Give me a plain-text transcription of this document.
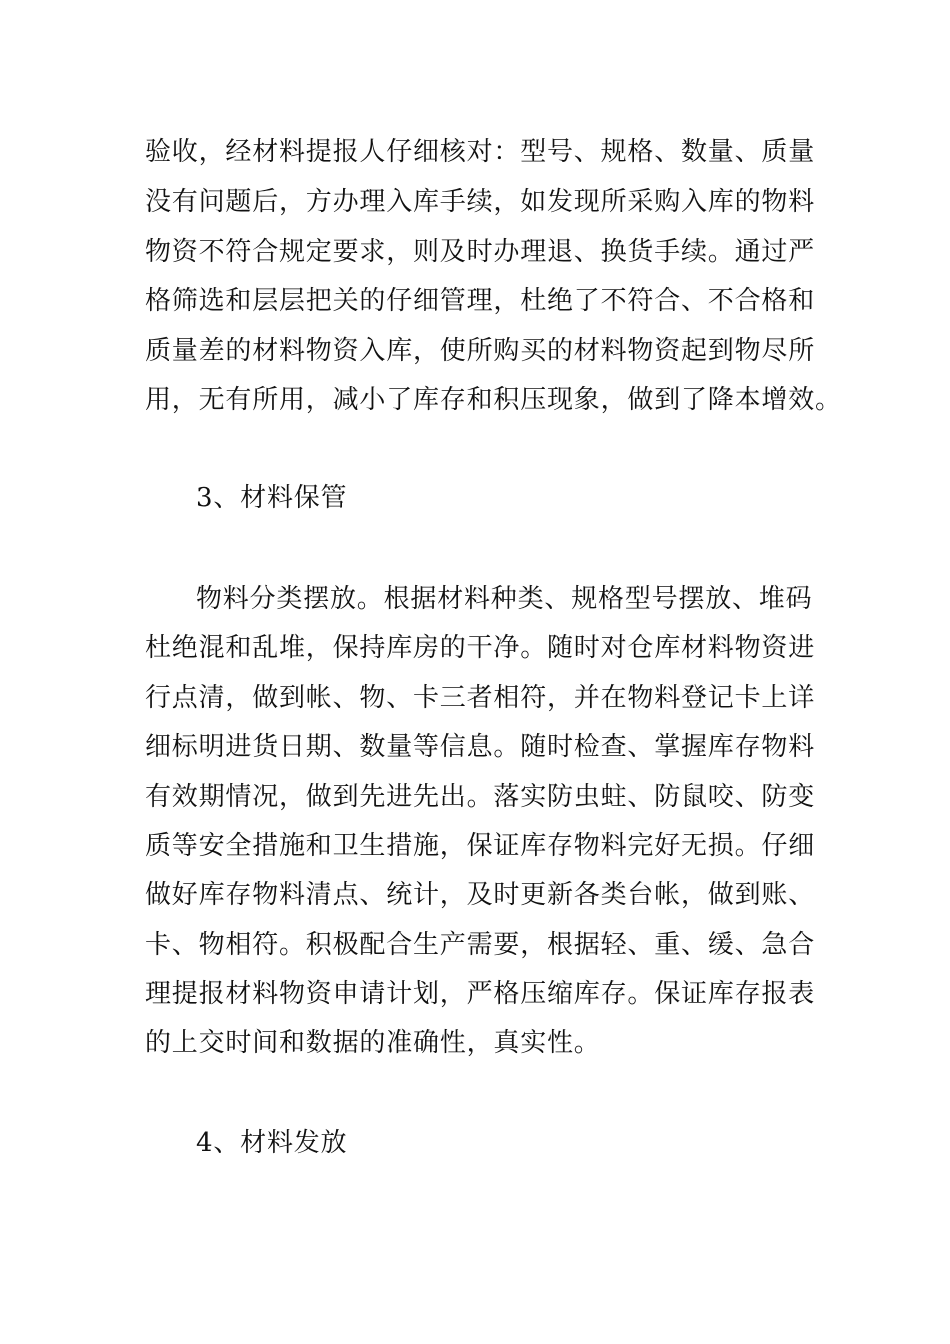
验收，经材料提报人仔细核对：型号、规格、数量、质量
没有问题后，方办理入库手续，如发现所采购入库的物料
物资不符合规定要求，则及时办理退、换货手续。通过严
格筛选和层层把关的仔细管理，杜绝了不符合、不合格和
质量差的材料物资入库，使所购买的材料物资起到物尽所
用，无有所用，减小了库存和积压现象，做到了降本增效。
3、材料保管
物料分类摆放。根据材料种类、规格型号摆放、堆码
杜绝混和乱堆，保持库房的干净。随时对仓库材料物资进
行点清，做到帐、物、卡三者相符，并在物料登记卡上详
细标明进货日期、数量等信息。随时检查、掌握库存物料
有效期情况，做到先进先出。落实防虫蛀、防鼠咬、防变
质等安全措施和卫生措施，保证库存物料完好无损。仔细
做好库存物料清点、统计，及时更新各类台帐，做到账、
卡、物相符。积极配合生产需要，根据轻、重、缓、急合
理提报材料物资申请计划，严格压缩库存。保证库存报表
的上交时间和数据的准确性，真实性。
4、材料发放
